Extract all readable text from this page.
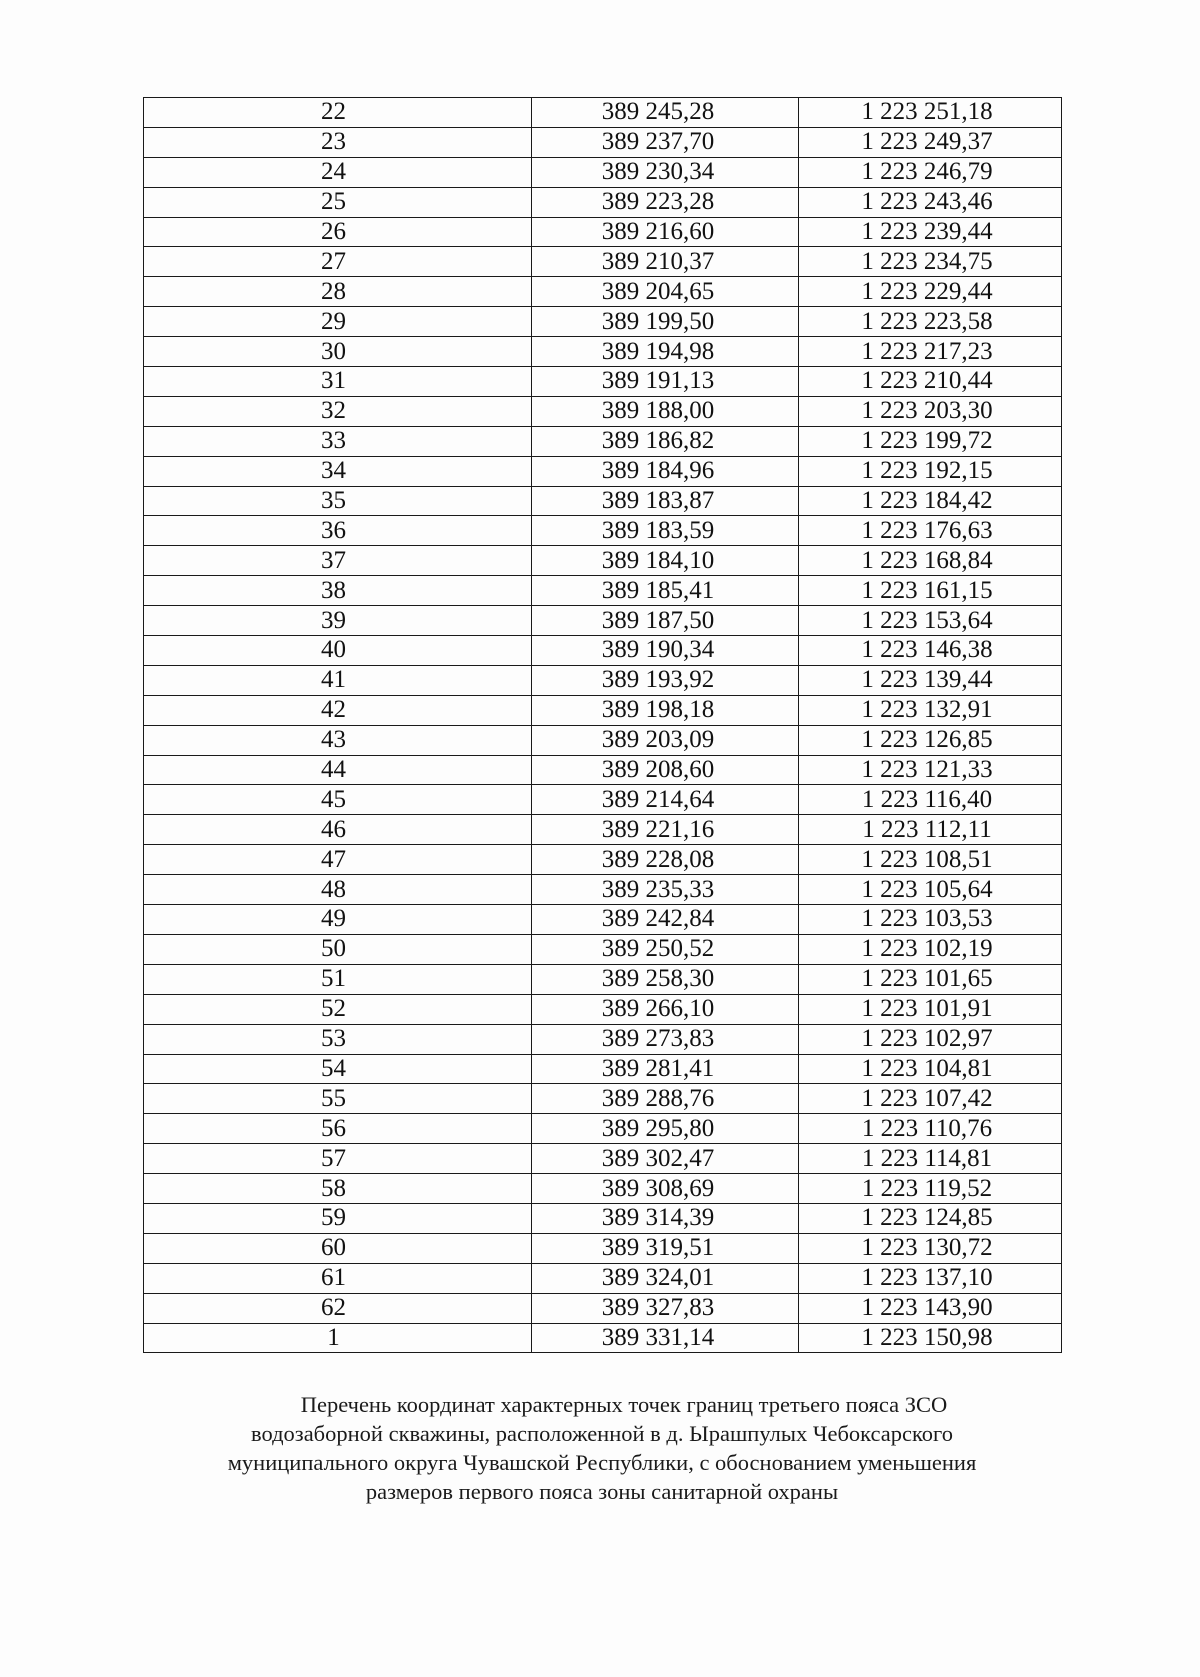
22	389 245,28	1 223 251,18
23	389 237,70	1 223 249,37
24	389 230,34	1 223 246,79
25	389 223,28	1 223 243,46
26	389 216,60	1 223 239,44
27	389 210,37	1 223 234,75
28	389 204,65	1 223 229,44
29	389 199,50	1 223 223,58
30	389 194,98	1 223 217,23
31	389 191,13	1 223 210,44
32	389 188,00	1 223 203,30
33	389 186,82	1 223 199,72
34	389 184,96	1 223 192,15
35	389 183,87	1 223 184,42
36	389 183,59	1 223 176,63
37	389 184,10	1 223 168,84
38	389 185,41	1 223 161,15
39	389 187,50	1 223 153,64
40	389 190,34	1 223 146,38
41	389 193,92	1 223 139,44
42	389 198,18	1 223 132,91
43	389 203,09	1 223 126,85
44	389 208,60	1 223 121,33
45	389 214,64	1 223 116,40
46	389 221,16	1 223 112,11
47	389 228,08	1 223 108,51
48	389 235,33	1 223 105,64
49	389 242,84	1 223 103,53
50	389 250,52	1 223 102,19
51	389 258,30	1 223 101,65
52	389 266,10	1 223 101,91
53	389 273,83	1 223 102,97
54	389 281,41	1 223 104,81
55	389 288,76	1 223 107,42
56	389 295,80	1 223 110,76
57	389 302,47	1 223 114,81
58	389 308,69	1 223 119,52
59	389 314,39	1 223 124,85
60	389 319,51	1 223 130,72
61	389 324,01	1 223 137,10
62	389 327,83	1 223 143,90
1	389 331,14	1 223 150,98
Перечень координат характерных точек границ третьего пояса ЗСО
водозаборной скважины, расположенной в д. Ырашпулых Чебоксарского
муниципального округа Чувашской Республики, с обоснованием уменьшения
размеров первого пояса зоны санитарной охраны
